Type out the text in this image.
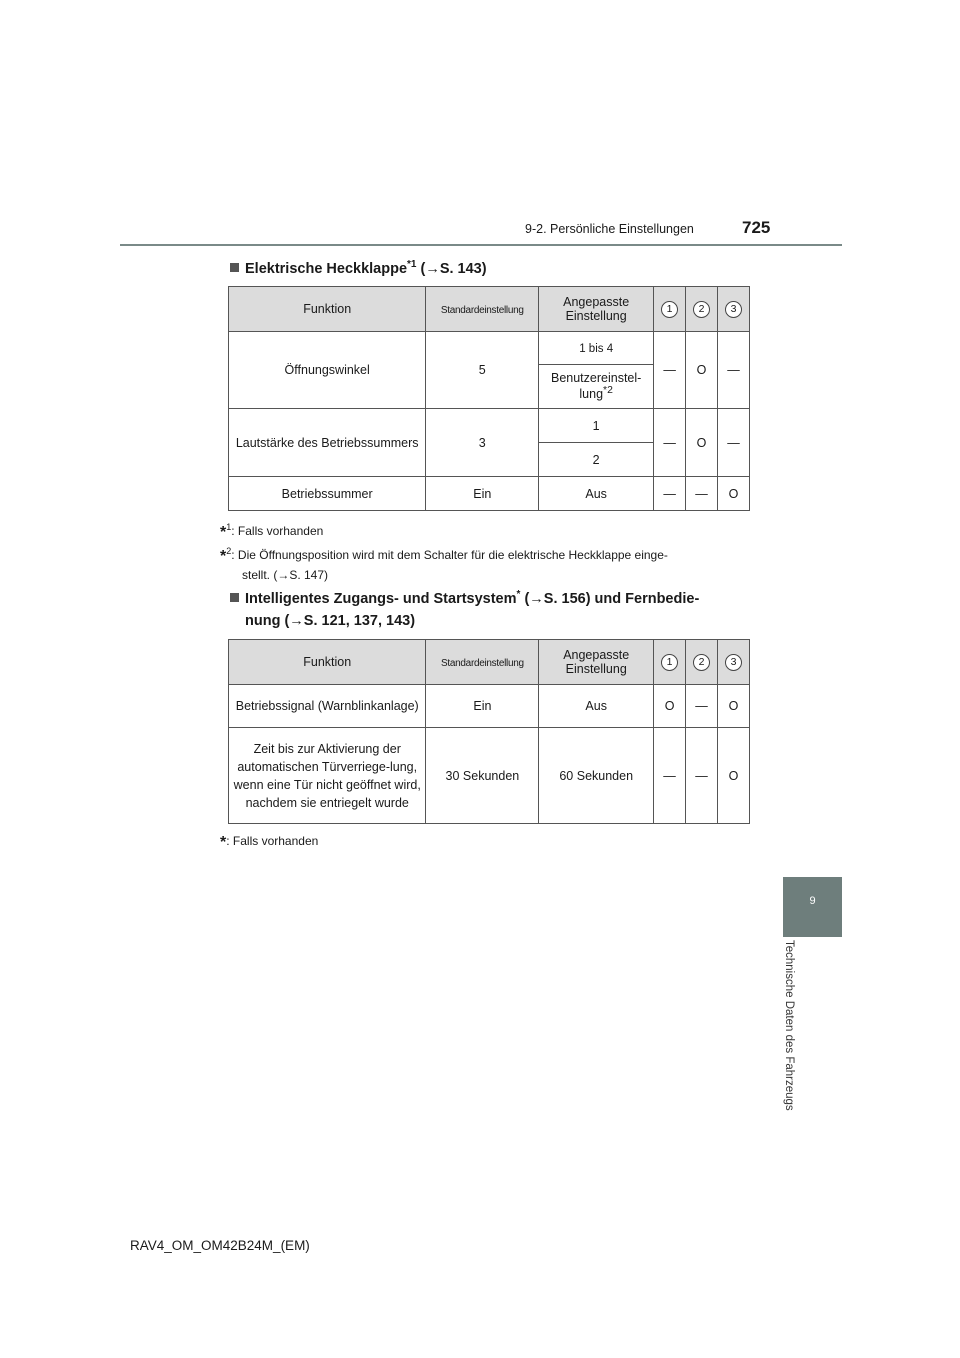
9-2. Persönliche Einstellungen	725
9
Technische Daten des Fahrzeugs
Elektrische Heckklappe$^{*1}$ (→S. 143)
Funktion	Standardeinstellung	Angepasste Einstellung	1	2	3
Öffnungswinkel	5	1 bis 4	—	O	—
		Benutzereinstel-lung$^{*2}$
Lautstärke des Betriebssummers	3	1	—	O	—
		2			
Betriebssummer	Ein	Aus	—	—	O
*$^1$: Falls vorhanden
*$^2$: Die Öffnungsposition wird mit dem Schalter für die elektrische Heckklappe einge-
stellt. (→S. 147)
Intelligentes Zugangs- und Startsystem* (→S. 156) und Fernbedie-
nung (→S. 121, 137, 143)
Funktion	Standardeinstellung	Angepasste Einstellung	1	2	3
Betriebssignal (Warnblinkanlage)	Ein	Aus	O	—	O
Zeit bis zur Aktivierung der automatischen Türverriege-lung, wenn eine Tür nicht geöffnet wird, nachdem sie entriegelt wurde	30 Sekunden	60 Sekunden	—	—	O
*: Falls vorhanden
RAV4_OM_OM42B24M_(EM)
